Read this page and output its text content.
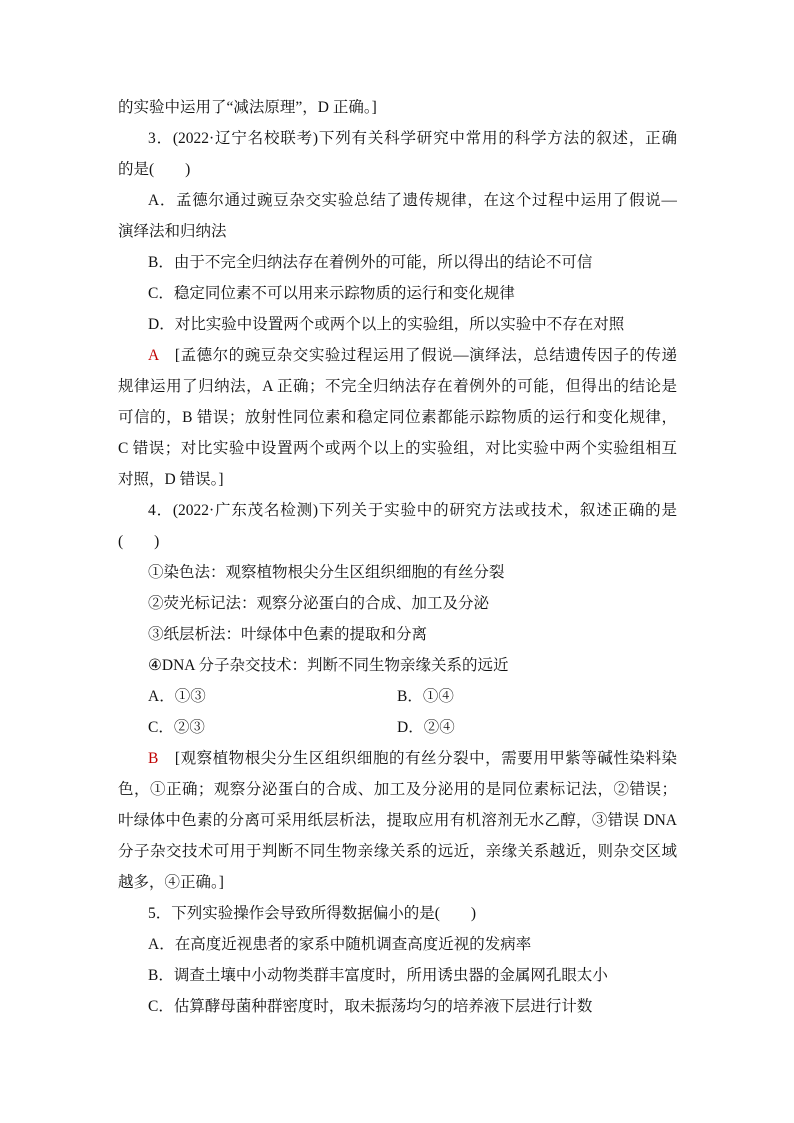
的实验中运用了“减法原理”，D 正确。]
3．(2022·辽宁名校联考)下列有关科学研究中常用的科学方法的叙述，正确
的是(　　)
A．孟德尔通过豌豆杂交实验总结了遗传规律，在这个过程中运用了假说—
演绎法和归纳法
B．由于不完全归纳法存在着例外的可能，所以得出的结论不可信
C．稳定同位素不可以用来示踪物质的运行和变化规律
D．对比实验中设置两个或两个以上的实验组，所以实验中不存在对照
A　[孟德尔的豌豆杂交实验过程运用了假说—演绎法，总结遗传因子的传递
规律运用了归纳法，A 正确；不完全归纳法存在着例外的可能，但得出的结论是
可信的，B 错误；放射性同位素和稳定同位素都能示踪物质的运行和变化规律，
C 错误；对比实验中设置两个或两个以上的实验组，对比实验中两个实验组相互
对照，D 错误。]
4．(2022·广东茂名检测)下列关于实验中的研究方法或技术，叙述正确的是
(　　)
①染色法：观察植物根尖分生区组织细胞的有丝分裂
②荧光标记法：观察分泌蛋白的合成、加工及分泌
③纸层析法：叶绿体中色素的提取和分离
④DNA 分子杂交技术：判断不同生物亲缘关系的远近
A．①③	B．①④
C．②③	D．②④
B　[观察植物根尖分生区组织细胞的有丝分裂中，需要用甲紫等碱性染料染
色，①正确；观察分泌蛋白的合成、加工及分泌用的是同位素标记法，②错误；
叶绿体中色素的分离可采用纸层析法，提取应用有机溶剂无水乙醇，③错误 DNA
分子杂交技术可用于判断不同生物亲缘关系的远近，亲缘关系越近，则杂交区域
越多，④正确。]
5．下列实验操作会导致所得数据偏小的是(　　)
A．在高度近视患者的家系中随机调查高度近视的发病率
B．调查土壤中小动物类群丰富度时，所用诱虫器的金属网孔眼太小
C．估算酵母菌种群密度时，取未振荡均匀的培养液下层进行计数
